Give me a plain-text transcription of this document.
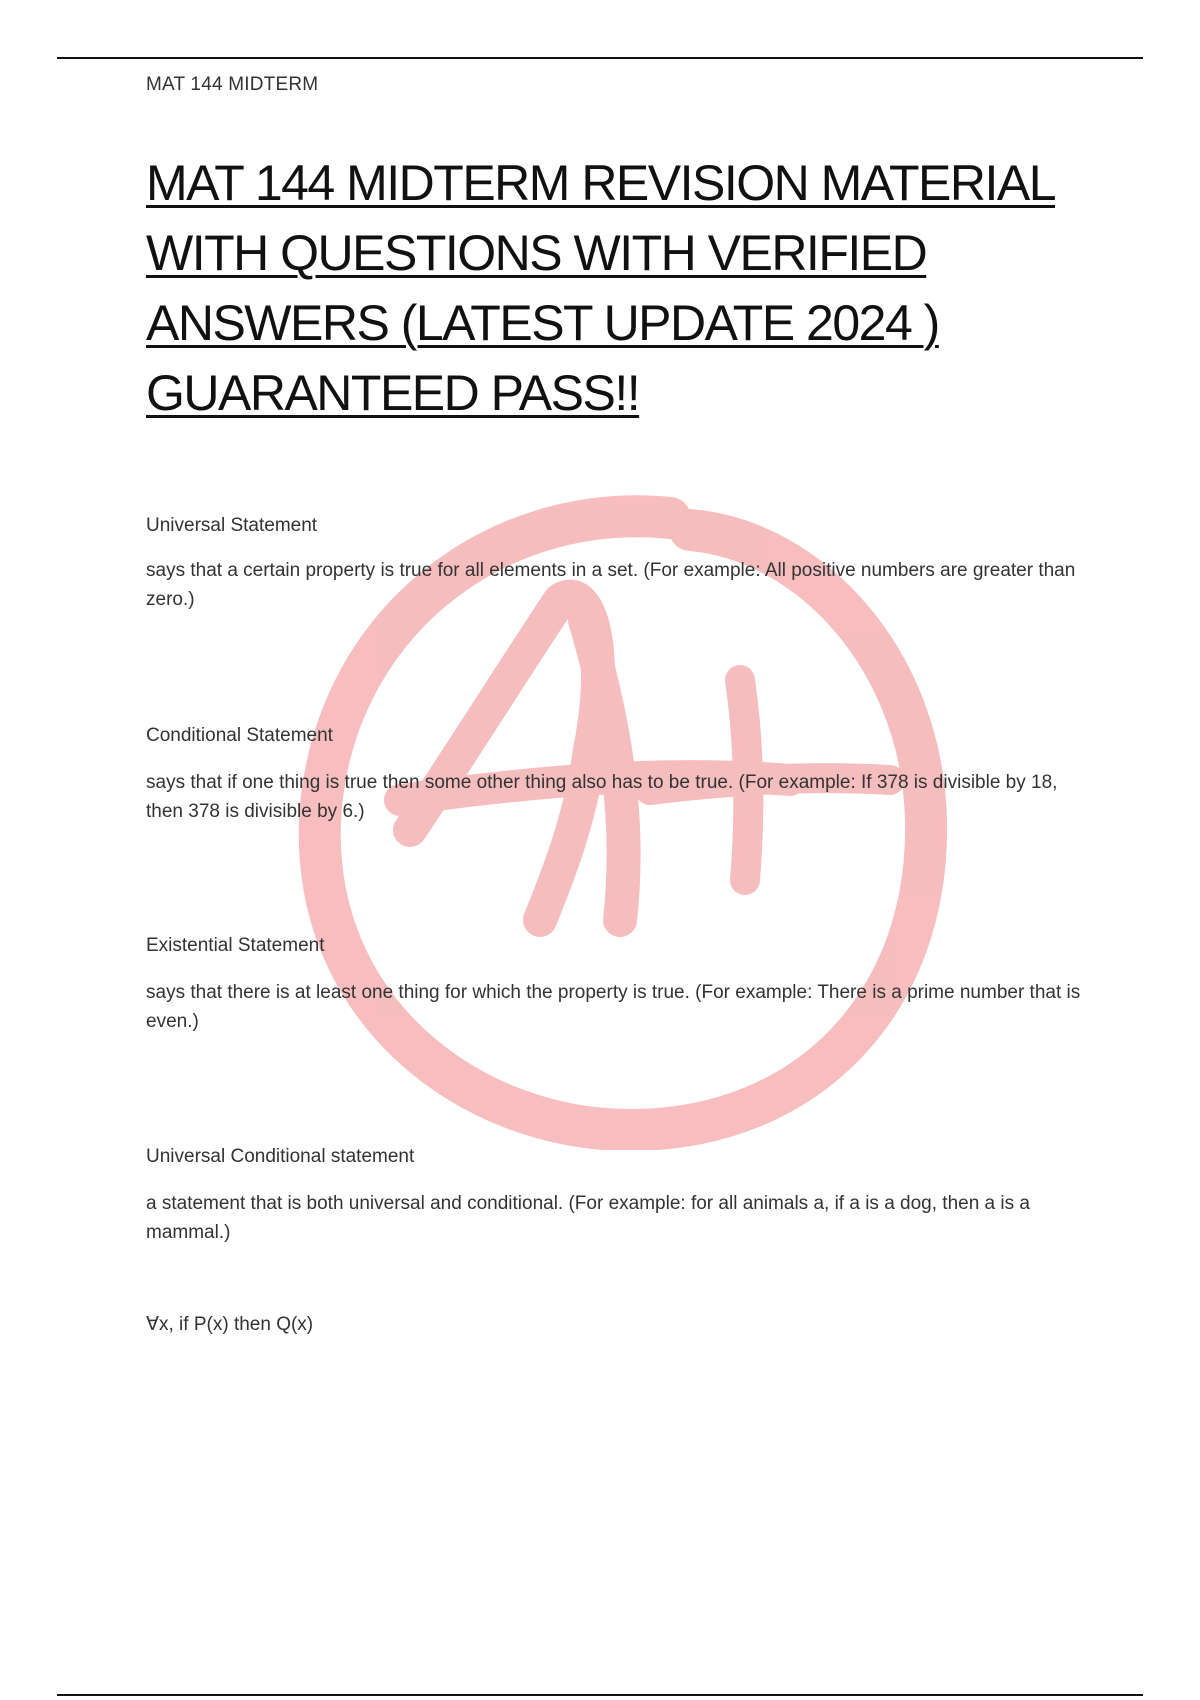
MAT 144 MIDTERM
MAT 144 MIDTERM REVISION MATERIAL
WITH QUESTIONS WITH VERIFIED
ANSWERS (LATEST UPDATE 2024 )
GUARANTEED PASS!!
Universal Statement
says that a certain property is true for all elements in a set. (For example: All positive numbers are greater than zero.)
Conditional Statement
says that if one thing is true then some other thing also has to be true. (For example: If 378 is divisible by 18, then 378 is divisible by 6.)
Existential Statement
says that there is at least one thing for which the property is true. (For example: There is a prime number that is even.)
Universal Conditional statement
a statement that is both universal and conditional. (For example: for all animals a, if a is a dog, then a is a mammal.)
∀x, if P(x) then Q(x)
